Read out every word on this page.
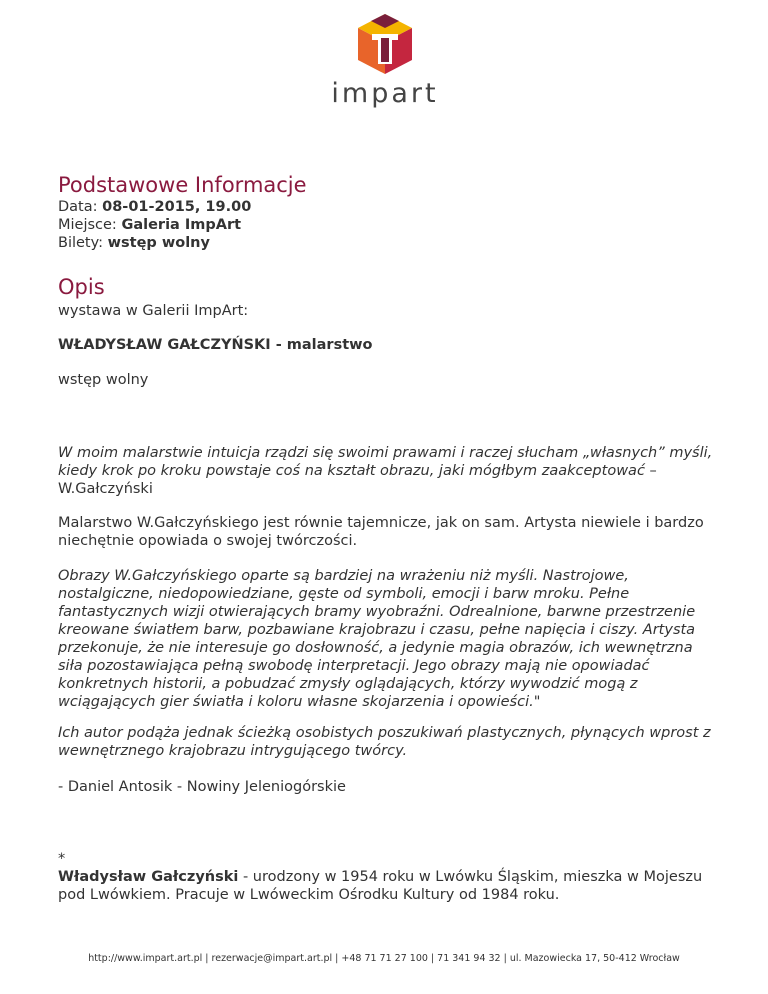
impart
Podstawowe Informacje
Data: 08-01-2015, 19.00
Miejsce: Galeria ImpArt
Bilety: wstęp wolny
Opis

wystawa w Galerii ImpArt:

WŁADYSŁAW GAŁCZYŃSKI - malarstwo

wstęp wolny

W moim malarstwie intuicja rządzi się swoimi prawami i raczej słucham „własnych” myśli, kiedy krok po kroku powstaje coś na kształt obrazu, jaki mógłbym zaakceptować – W.Gałczyński

Malarstwo W.Gałczyńskiego jest równie tajemnicze, jak on sam. Artysta niewiele i bardzo niechętnie opowiada o swojej twórczości.

Obrazy W.Gałczyńskiego oparte są bardziej na wrażeniu niż myśli. Nastrojowe, nostalgiczne, niedopowiedziane, gęste od symboli, emocji i barw mroku. Pełne fantastycznych wizji otwierających bramy wyobraźni. Odrealnione, barwne przestrzenie kreowane światłem barw, pozbawiane krajobrazu i czasu, pełne napięcia i ciszy. Artysta przekonuje, że nie interesuje go dosłowność, a jedynie magia obrazów, ich wewnętrzna siła pozostawiająca pełną swobodę interpretacji. Jego obrazy mają nie opowiadać konkretnych historii, a pobudzać zmysły oglądających, którzy wywodzić mogą z wciągających gier światła i koloru własne skojarzenia i opowieści."

Ich autor podąża jednak ścieżką osobistych poszukiwań plastycznych, płynących wprost z wewnętrznego krajobrazu intrygującego twórcy.

- Daniel Antosik - Nowiny Jeleniogórskie

*

Władysław Gałczyński - urodzony w 1954 roku w Lwówku Śląskim, mieszka w Mojeszu pod Lwówkiem. Pracuje w Lwóweckim Ośrodku Kultury od 1984 roku.

http://www.impart.art.pl | rezerwacje@impart.art.pl | +48 71 71 27 100 | 71 341 94 32 | ul. Mazowiecka 17, 50-412 Wrocław
